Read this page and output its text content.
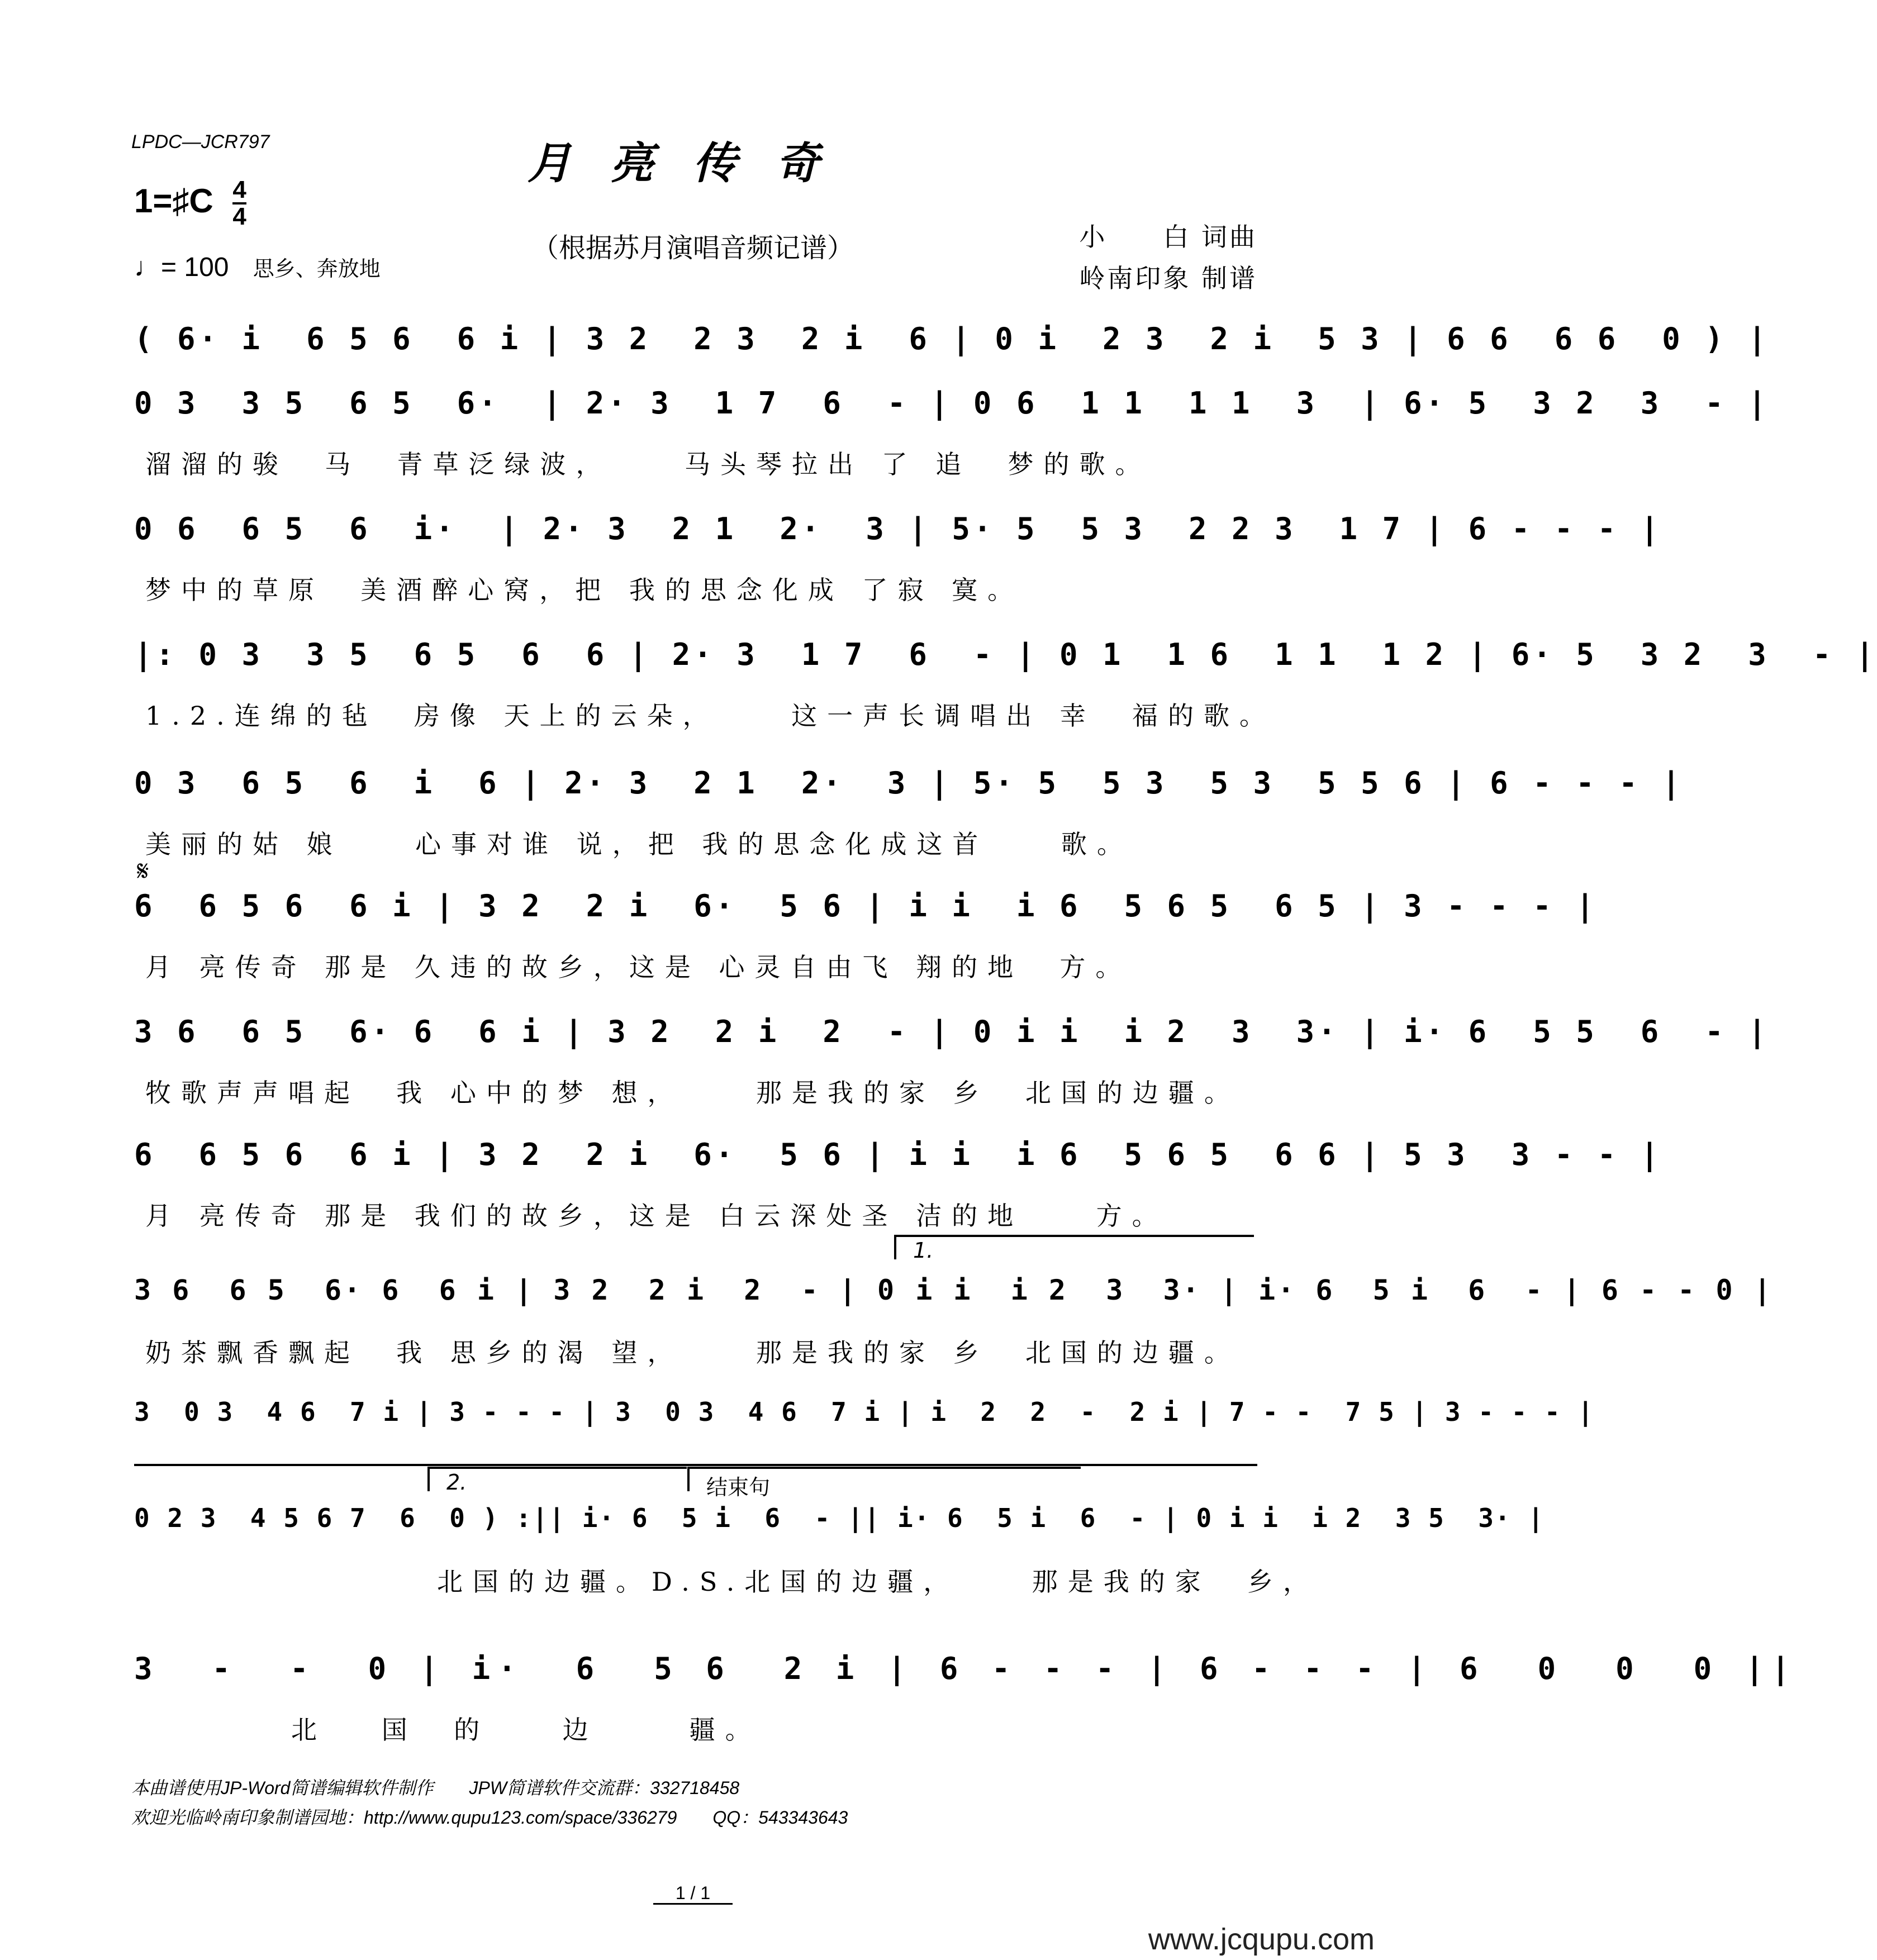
LPDC—JCR797	月亮传奇
（根据苏月演唱音频记谱）
1=♯C $\frac{4}{4}$
♩= 100 思乡、奔放地
小　　白 词曲
岭南印象 制谱
( 6· i  6 5 6  6 i | 3 2  2 3  2 i  6 | 0 i  2 3  2 i  5 3 | 6 6  6 6  0 ) |
0 3  3 5  6 5  6·  | 2· 3  1 7  6  - | 0 6  1 1  1 1  3  | 6· 5  3 2  3  - |
溜溜的骏  马  青草泛绿波，    马头琴拉出 了 追  梦的歌。
0 6  6 5  6  i·  | 2· 3  2 1  2·  3 | 5· 5  5 3  2 2 3  1 7 | 6 - - - |
梦中的草原  美酒醉心窝，把 我的思念化成 了寂 寞。
|: 0 3  3 5  6 5  6  6 | 2· 3  1 7  6  - | 0 1  1 6  1 1  1 2 | 6· 5  3 2  3  - |
1.2.连绵的毡  房像 天上的云朵，    这一声长调唱出 幸  福的歌。
0 3  6 5  6  i  6 | 2· 3  2 1  2·  3 | 5· 5  5 3  5 3  5 5 6 | 6 - - - |
美丽的姑 娘    心事对谁 说，把 我的思念化成这首    歌。
𝄋
6  6 5 6  6 i | 3 2  2 i  6·  5 6 | i i  i 6  5 6 5  6 5 | 3 - - - |
月 亮传奇 那是 久违的故乡，这是 心灵自由飞 翔的地  方。
3 6  6 5  6· 6  6 i | 3 2  2 i  2  - | 0 i i  i 2  3  3· | i· 6  5 5  6  - |
牧歌声声唱起  我 心中的梦 想，    那是我的家 乡  北国的边疆。
6  6 5 6  6 i | 3 2  2 i  6·  5 6 | i i  i 6  5 6 5  6 6 | 5 3  3 - - |
月 亮传奇 那是 我们的故乡，这是 白云深处圣 洁的地    方。
1.
3 6  6 5  6· 6  6 i | 3 2  2 i  2  - | 0 i i  i 2  3  3· | i· 6  5 i  6  - | 6 - - 0 |
奶茶飘香飘起  我 思乡的渴 望，    那是我的家 乡  北国的边疆。
3  0 3  4 6  7 i | 3 - - - | 3  0 3  4 6  7 i | i  2  2  -  2 i | 7 - -  7 5 | 3 - - - |
2.	结束句
0 2 3  4 5 6 7  6  0 ) :|| i· 6  5 i  6  - || i· 6  5 i  6  - | 0 i i  i 2  3 5  3· |
北国的边疆。D.S.北国的边疆，    那是我的家  乡，
3  -  -  0 | i·  6  5 6  2 i | 6 - - - | 6 - - - | 6  0  0  0 ||
北   国  的    边     疆。
本曲谱使用JP-Word简谱编辑软件制作　　JPW简谱软件交流群：332718458
欢迎光临岭南印象制谱园地：http://www.qupu123.com/space/336279　　QQ：543343643
1 / 1
www.jcqupu.com
